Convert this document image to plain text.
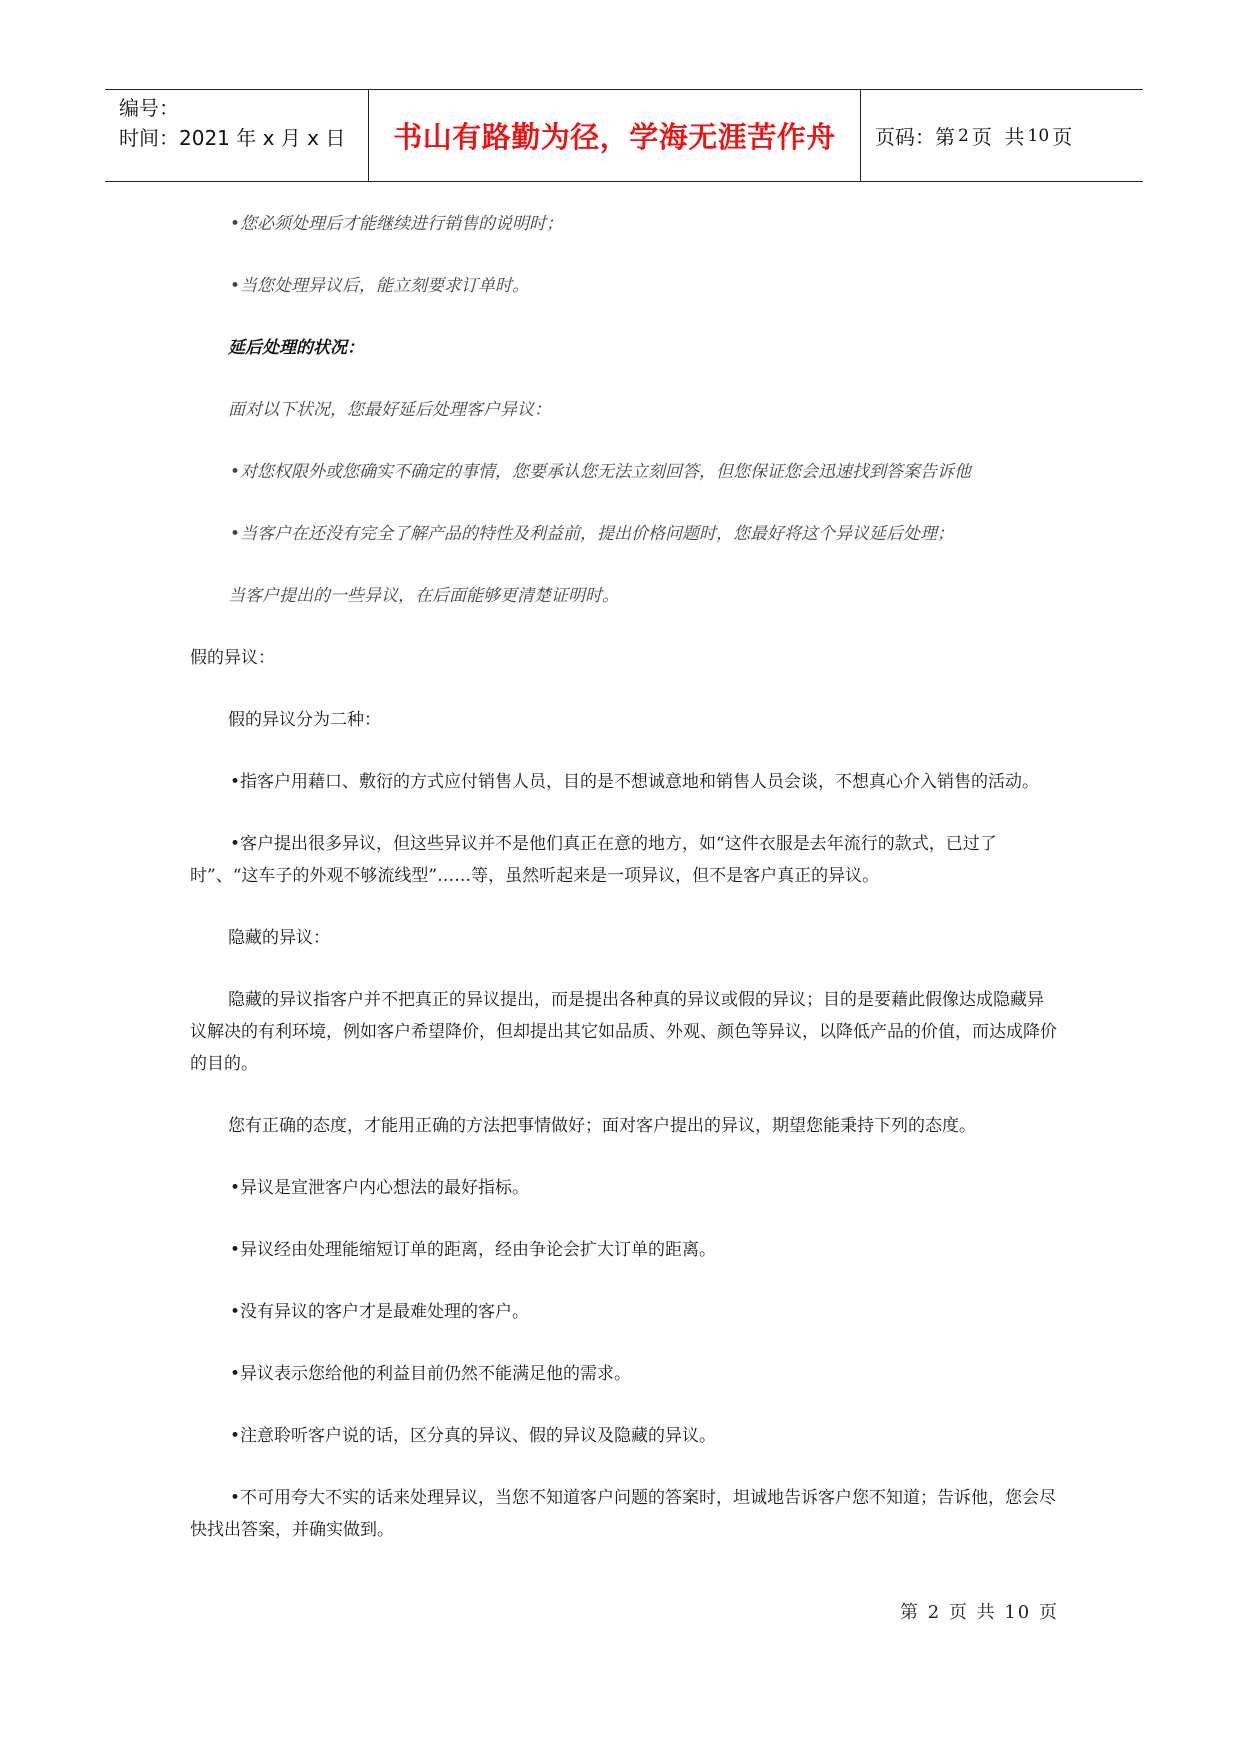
编号：
时间：2021 年 x 月 x 日	书山有路勤为径，学海无涯苦作舟	页码：第 2 页  共 10 页

•您必须处理后才能继续进行销售的说明时；

•当您处理异议后，能立刻要求订单时。

延后处理的状况：

面对以下状况，您最好延后处理客户异议：

•对您权限外或您确实不确定的事情，您要承认您无法立刻回答，但您保证您会迅速找到答案告诉他

•当客户在还没有完全了解产品的特性及利益前，提出价格问题时，您最好将这个异议延后处理；

当客户提出的一些异议，在后面能够更清楚证明时。

假的异议：

假的异议分为二种：

•指客户用藉口、敷衍的方式应付销售人员，目的是不想诚意地和销售人员会谈，不想真心介入销售的活动。

•客户提出很多异议，但这些异议并不是他们真正在意的地方，如“这件衣服是去年流行的款式，已过了时”、“这车子的外观不够流线型”……等，虽然听起来是一项异议，但不是客户真正的异议。

隐藏的异议：

隐藏的异议指客户并不把真正的异议提出，而是提出各种真的异议或假的异议；目的是要藉此假像达成隐藏异议解决的有利环境，例如客户希望降价，但却提出其它如品质、外观、颜色等异议，以降低产品的价值，而达成降价的目的。

您有正确的态度，才能用正确的方法把事情做好；面对客户提出的异议，期望您能秉持下列的态度。

•异议是宣泄客户内心想法的最好指标。

•异议经由处理能缩短订单的距离，经由争论会扩大订单的距离。

•没有异议的客户才是最难处理的客户。

•异议表示您给他的利益目前仍然不能满足他的需求。

•注意聆听客户说的话，区分真的异议、假的异议及隐藏的异议。

•不可用夸大不实的话来处理异议，当您不知道客户问题的答案时，坦诚地告诉客户您不知道；告诉他，您会尽快找出答案，并确实做到。

第 2 页 共 10 页
